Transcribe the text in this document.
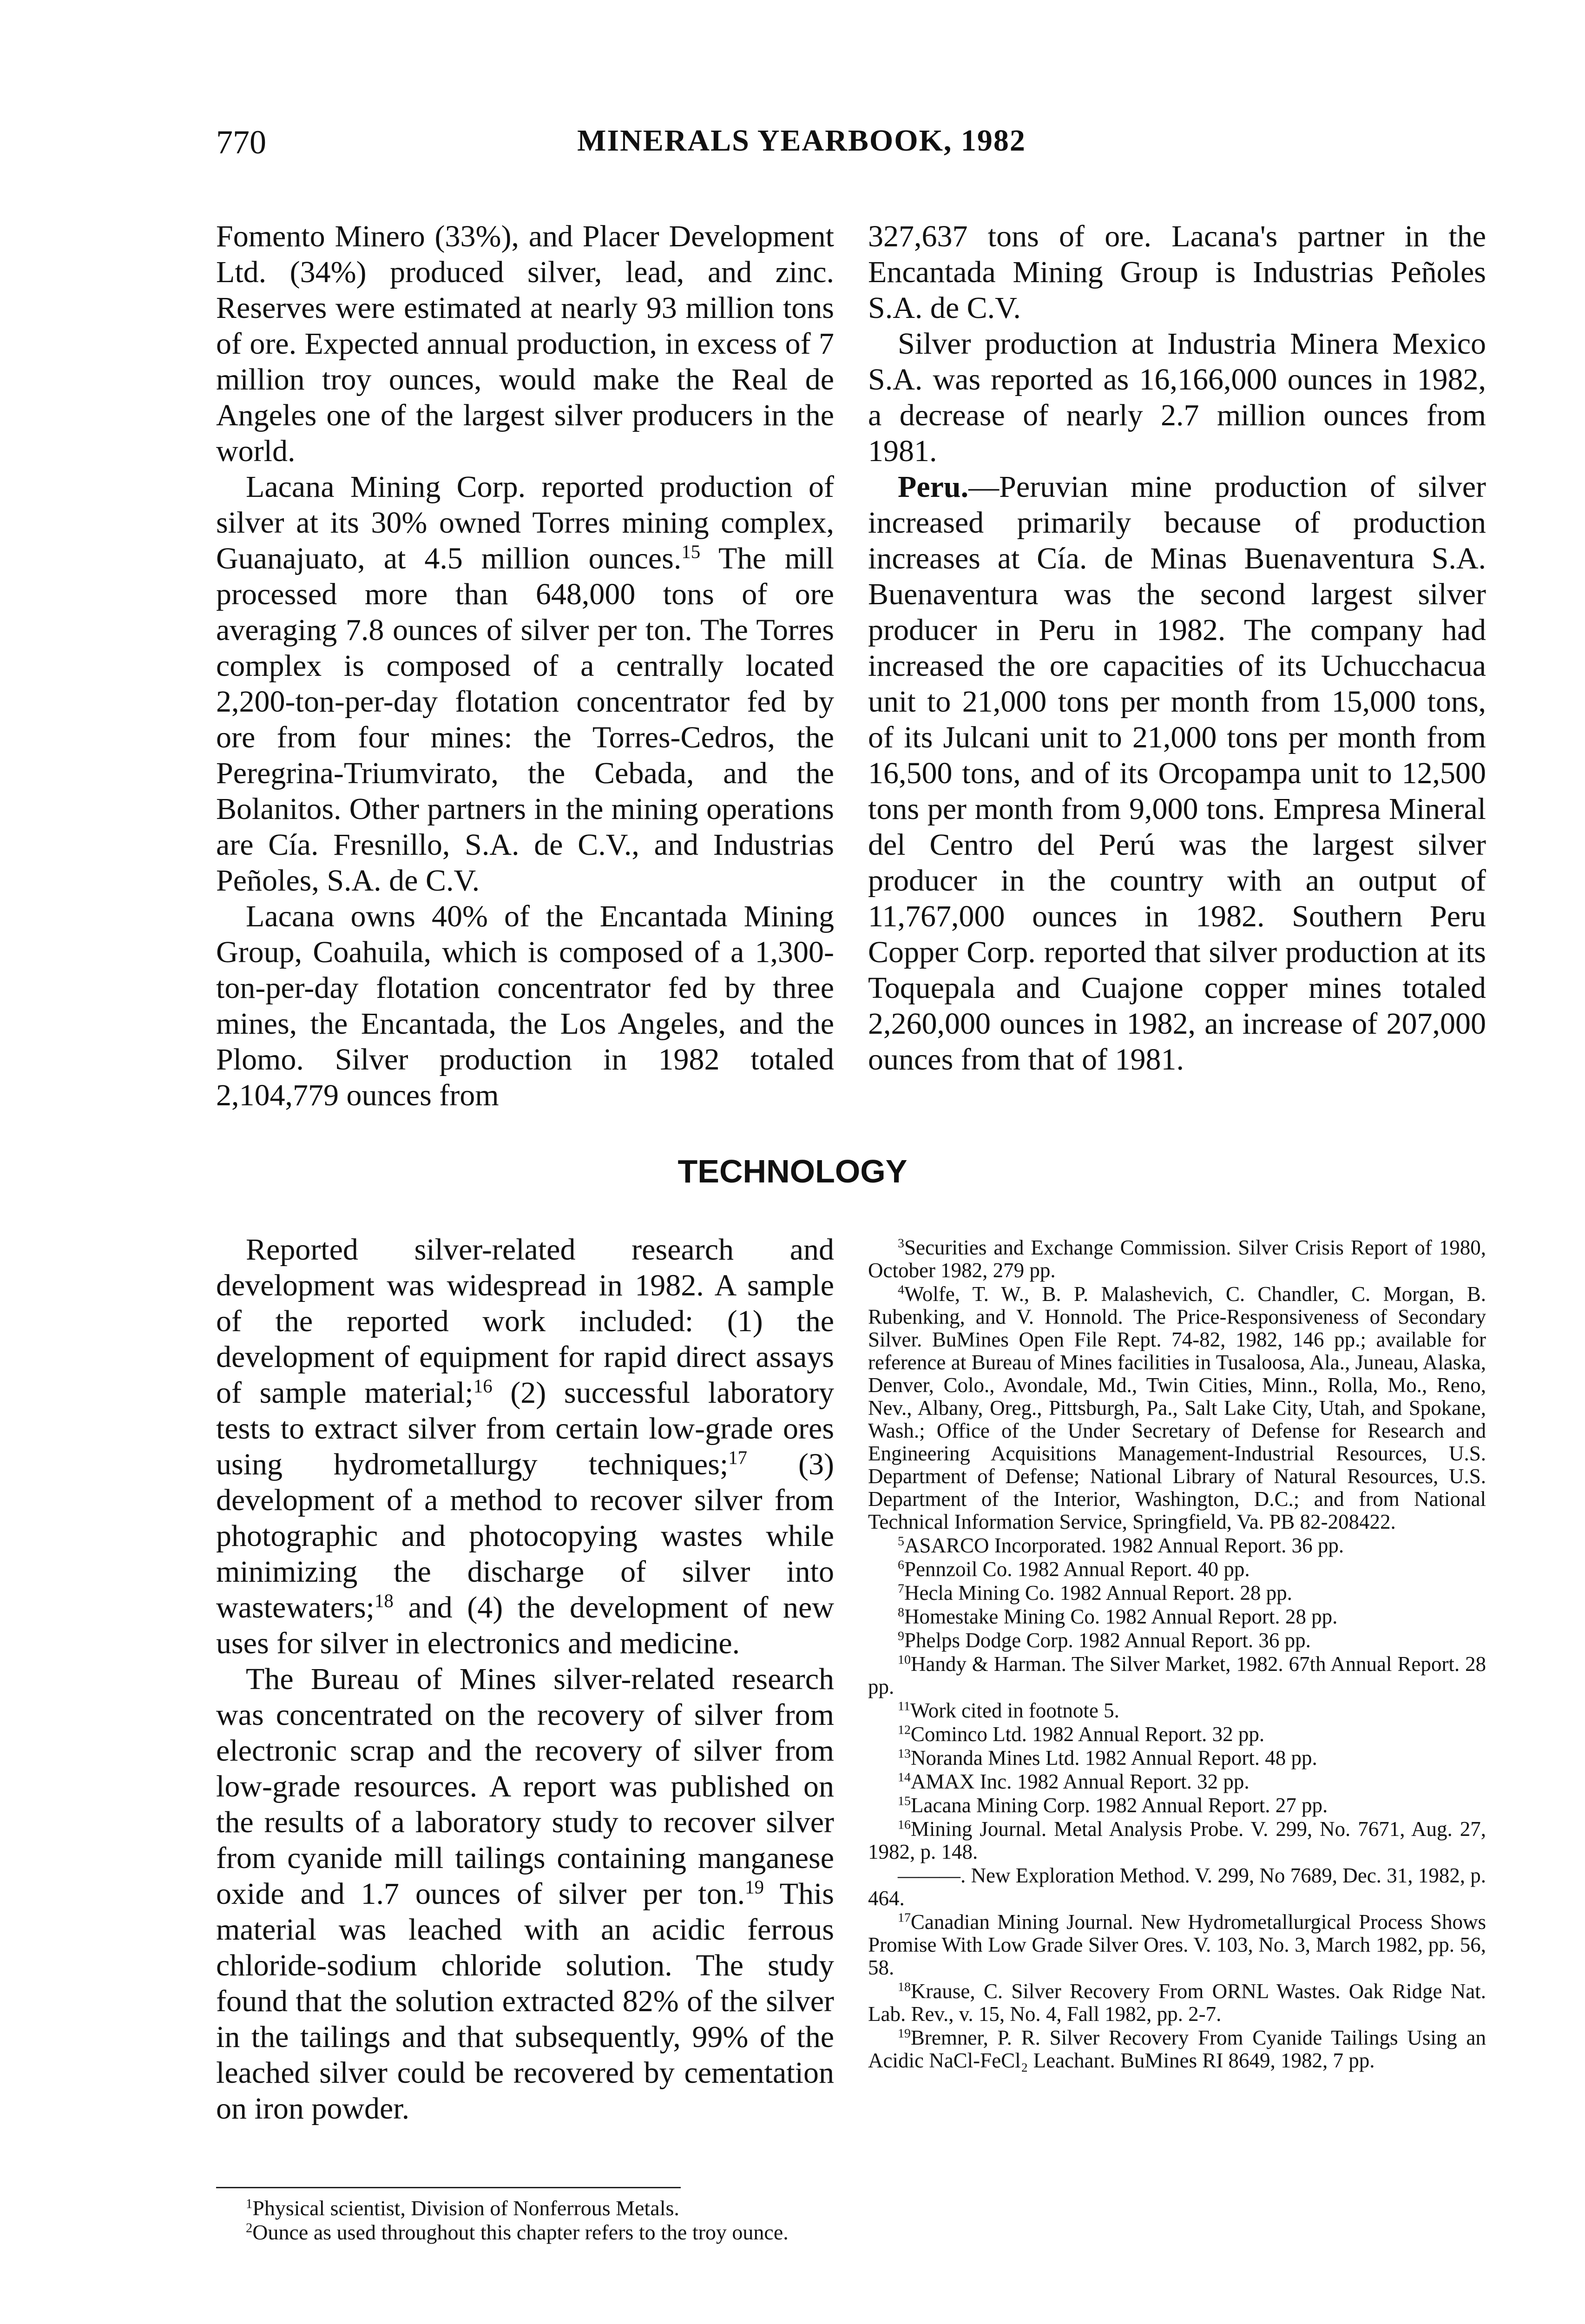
770	MINERALS YEARBOOK, 1982

Fomento Minero (33%), and Placer Development Ltd. (34%) produced silver, lead, and zinc. Reserves were estimated at nearly 93 million tons of ore. Expected annual production, in excess of 7 million troy ounces, would make the Real de Angeles one of the largest silver producers in the world.

Lacana Mining Corp. reported production of silver at its 30% owned Torres mining complex, Guanajuato, at 4.5 million ounces.$^{15}$ The mill processed more than 648,000 tons of ore averaging 7.8 ounces of silver per ton. The Torres complex is composed of a centrally located 2,200-ton-per-day flotation concentrator fed by ore from four mines: the Torres-Cedros, the Peregrina-Triumvirato, the Cebada, and the Bolanitos. Other partners in the mining operations are Cía. Fresnillo, S.A. de C.V., and Industrias Peñoles, S.A. de C.V.

Lacana owns 40% of the Encantada Mining Group, Coahuila, which is composed of a 1,300-ton-per-day flotation concentrator fed by three mines, the Encantada, the Los Angeles, and the Plomo. Silver production in 1982 totaled 2,104,779 ounces from

327,637 tons of ore. Lacana's partner in the Encantada Mining Group is Industrias Peñoles S.A. de C.V.

Silver production at Industria Minera Mexico S.A. was reported as 16,166,000 ounces in 1982, a decrease of nearly 2.7 million ounces from 1981.

Peru.—Peruvian mine production of silver increased primarily because of production increases at Cía. de Minas Buenaventura S.A. Buenaventura was the second largest silver producer in Peru in 1982. The company had increased the ore capacities of its Uchucchacua unit to 21,000 tons per month from 15,000 tons, of its Julcani unit to 21,000 tons per month from 16,500 tons, and of its Orcopampa unit to 12,500 tons per month from 9,000 tons. Empresa Mineral del Centro del Perú was the largest silver producer in the country with an output of 11,767,000 ounces in 1982. Southern Peru Copper Corp. reported that silver production at its Toquepala and Cuajone copper mines totaled 2,260,000 ounces in 1982, an increase of 207,000 ounces from that of 1981.

TECHNOLOGY

Reported silver-related research and development was widespread in 1982. A sample of the reported work included: (1) the development of equipment for rapid direct assays of sample material;$^{16}$ (2) successful laboratory tests to extract silver from certain low-grade ores using hydrometallurgy techniques;$^{17}$ (3) development of a method to recover silver from photographic and photocopying wastes while minimizing the discharge of silver into wastewaters;$^{18}$ and (4) the development of new uses for silver in electronics and medicine.

The Bureau of Mines silver-related research was concentrated on the recovery of silver from electronic scrap and the recovery of silver from low-grade resources. A report was published on the results of a laboratory study to recover silver from cyanide mill tailings containing manganese oxide and 1.7 ounces of silver per ton.$^{19}$ This material was leached with an acidic ferrous chloride-sodium chloride solution. The study found that the solution extracted 82% of the silver in the tailings and that subsequently, 99% of the leached silver could be recovered by cementation on iron powder.

$^1$Physical scientist, Division of Nonferrous Metals.

$^2$Ounce as used throughout this chapter refers to the troy ounce.

$^3$Securities and Exchange Commission. Silver Crisis Report of 1980, October 1982, 279 pp.

$^4$Wolfe, T. W., B. P. Malashevich, C. Chandler, C. Morgan, B. Rubenking, and V. Honnold. The Price-Responsiveness of Secondary Silver. BuMines Open File Rept. 74-82, 1982, 146 pp.; available for reference at Bureau of Mines facilities in Tusaloosa, Ala., Juneau, Alaska, Denver, Colo., Avondale, Md., Twin Cities, Minn., Rolla, Mo., Reno, Nev., Albany, Oreg., Pittsburgh, Pa., Salt Lake City, Utah, and Spokane, Wash.; Office of the Under Secretary of Defense for Research and Engineering Acquisitions Management-Industrial Resources, U.S. Department of Defense; National Library of Natural Resources, U.S. Department of the Interior, Washington, D.C.; and from National Technical Information Service, Springfield, Va. PB 82-208422.

$^5$ASARCO Incorporated. 1982 Annual Report. 36 pp.

$^6$Pennzoil Co. 1982 Annual Report. 40 pp.

$^7$Hecla Mining Co. 1982 Annual Report. 28 pp.

$^8$Homestake Mining Co. 1982 Annual Report. 28 pp.

$^9$Phelps Dodge Corp. 1982 Annual Report. 36 pp.

$^{10}$Handy & Harman. The Silver Market, 1982. 67th Annual Report. 28 pp.

$^{11}$Work cited in footnote 5.

$^{12}$Cominco Ltd. 1982 Annual Report. 32 pp.

$^{13}$Noranda Mines Ltd. 1982 Annual Report. 48 pp.

$^{14}$AMAX Inc. 1982 Annual Report. 32 pp.

$^{15}$Lacana Mining Corp. 1982 Annual Report. 27 pp.

$^{16}$Mining Journal. Metal Analysis Probe. V. 299, No. 7671, Aug. 27, 1982, p. 148.

———. New Exploration Method. V. 299, No 7689, Dec. 31, 1982, p. 464.

$^{17}$Canadian Mining Journal. New Hydrometallurgical Process Shows Promise With Low Grade Silver Ores. V. 103, No. 3, March 1982, pp. 56, 58.

$^{18}$Krause, C. Silver Recovery From ORNL Wastes. Oak Ridge Nat. Lab. Rev., v. 15, No. 4, Fall 1982, pp. 2-7.

$^{19}$Bremner, P. R. Silver Recovery From Cyanide Tailings Using an Acidic NaCl-FeCl₂ Leachant. BuMines RI 8649, 1982, 7 pp.
